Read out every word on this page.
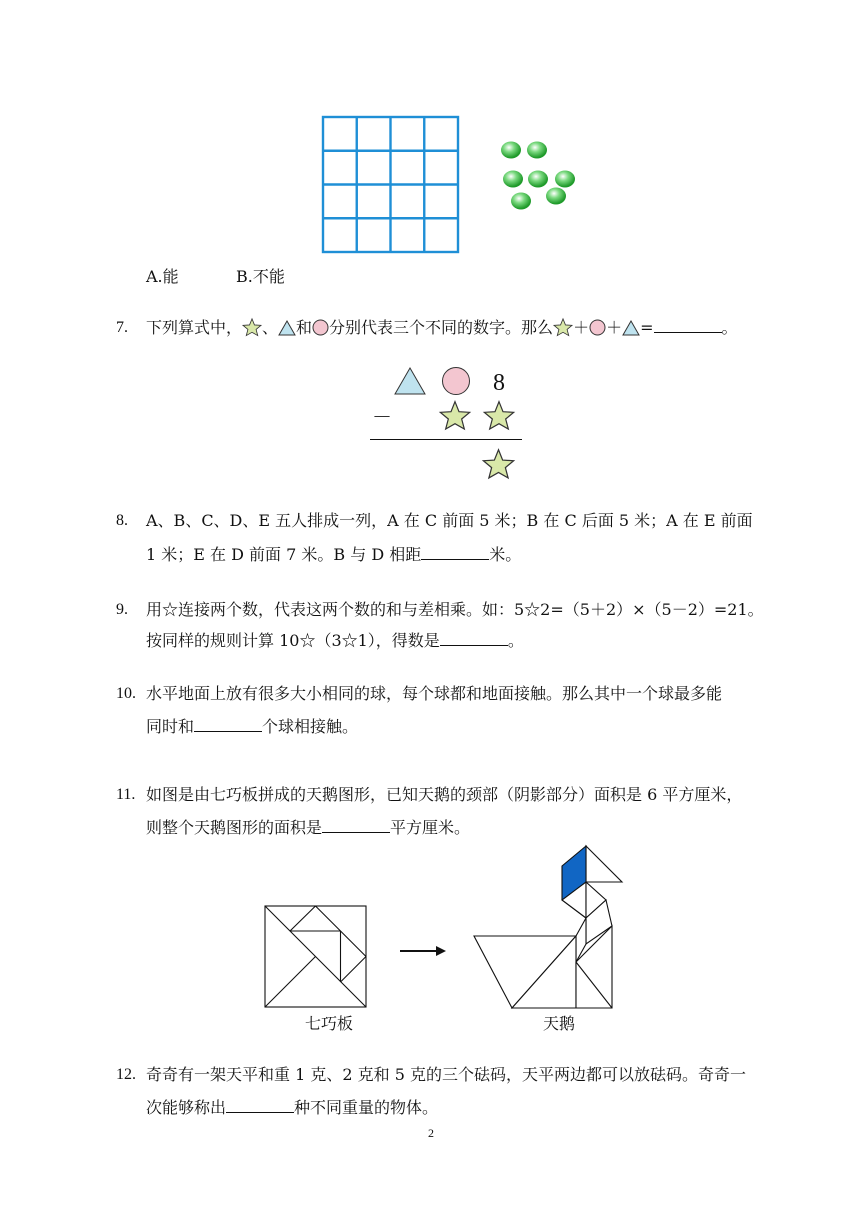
A.能	B.不能
7. 下列算式中， 、 和 分别代表三个不同的数字。那么 ＋ ＋ =	。
8
－
8. A、B、C、D、E 五人排成一列，A 在 C 前面 5 米；B 在 C 后面 5 米；A 在 E 前面
1 米；E 在 D 前面 7 米。B 与 D 相距	米。
9. 用☆连接两个数，代表这两个数的和与差相乘。如：5☆2=（5＋2）×（5－2）=21。
按同样的规则计算 10☆（3☆1），得数是	。
10. 水平地面上放有很多大小相同的球，每个球都和地面接触。那么其中一个球最多能
同时和	个球相接触。
11. 如图是由七巧板拼成的天鹅图形，已知天鹅的颈部（阴影部分）面积是 6 平方厘米，
则整个天鹅图形的面积是	平方厘米。
七巧板	天鹅
12. 奇奇有一架天平和重 1 克、2 克和 5 克的三个砝码，天平两边都可以放砝码。奇奇一
次能够称出	种不同重量的物体。
2
